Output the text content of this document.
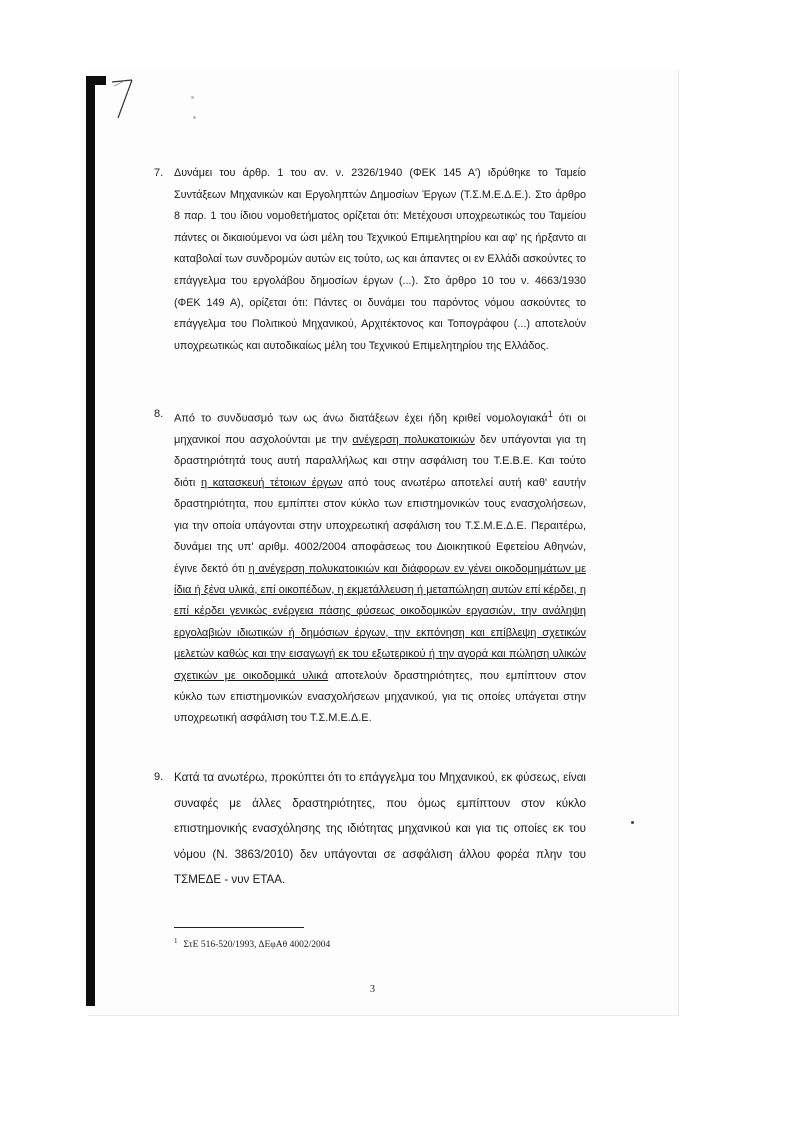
7. Δυνάμει του άρθρ. 1 του αν. ν. 2326/1940 (ΦΕΚ 145 Α') ιδρύθηκε το Ταμείο Συντάξεων Μηχανικών και Εργοληπτών Δημοσίων Έργων (Τ.Σ.Μ.Ε.Δ.Ε.). Στο άρθρο 8 παρ. 1 του ίδιου νομοθετήματος ορίζεται ότι: Μετέχουσι υποχρεωτικώς του Ταμείου πάντες οι δικαιούμενοι να ώσι μέλη του Τεχνικού Επιμελητηρίου και αφ' ης ήρξαντο αι καταβολαί των συνδρομών αυτών εις τούτο, ως και άπαντες οι εν Ελλάδι ασκούντες το επάγγελμα του εργολάβου δημοσίων έργων (...). Στο άρθρο 10 του ν. 4663/1930 (ΦΕΚ 149 Α), ορίζεται ότι: Πάντες οι δυνάμει του παρόντος νόμου ασκούντες το επάγγελμα του Πολιτικού Μηχανικού, Αρχιτέκτονος και Τοπογράφου (...) αποτελούν υποχρεωτικώς και αυτοδικαίως μέλη του Τεχνικού Επιμελητηρίου της Ελλάδος.
8. Από το συνδυασμό των ως άνω διατάξεων έχει ήδη κριθεί νομολογιακά$^1$ ότι οι μηχανικοί που ασχολούνται με την ανέγερση πολυκατοικιών δεν υπάγονται για τη δραστηριότητά τους αυτή παραλλήλως και στην ασφάλιση του Τ.Ε.Β.Ε. Και τούτο διότι η κατασκευή τέτοιων έργων από τους ανωτέρω αποτελεί αυτή καθ' εαυτήν δραστηριότητα, που εμπίπτει στον κύκλο των επιστημονικών τους ενασχολήσεων, για την οποία υπάγονται στην υποχρεωτική ασφάλιση του Τ.Σ.Μ.Ε.Δ.Ε. Περαιτέρω, δυνάμει της υπ' αριθμ. 4002/2004 αποφάσεως του Διοικητικού Εφετείου Αθηνών, έγινε δεκτό ότι η ανέγερση πολυκατοικιών και διάφορων εν γένει οικοδομημάτων με ίδια ή ξένα υλικά, επί οικοπέδων, η εκμετάλλευση ή μεταπώληση αυτών επί κέρδει, η επί κέρδει γενικώς ενέργεια πάσης φύσεως οικοδομικών εργασιών, την ανάληψη εργολαβιών ιδιωτικών ή δημόσιων έργων, την εκπόνηση και επίβλεψη σχετικών μελετών καθώς και την εισαγωγή εκ του εξωτερικού ή την αγορά και πώληση υλικών σχετικών με οικοδομικά υλικά αποτελούν δραστηριότητες, που εμπίπτουν στον κύκλο των επιστημονικών ενασχολήσεων μηχανικού, για τις οποίες υπάγεται στην υποχρεωτική ασφάλιση του Τ.Σ.Μ.Ε.Δ.Ε.
9. Κατά τα ανωτέρω, προκύπτει ότι το επάγγελμα του Μηχανικού, εκ φύσεως, είναι συναφές με άλλες δραστηριότητες, που όμως εμπίπτουν στον κύκλο επιστημονικής ενασχόλησης της ιδιότητας μηχανικού και για τις οποίες εκ του νόμου (Ν. 3863/2010) δεν υπάγονται σε ασφάλιση άλλου φορέα πλην του ΤΣΜΕΔΕ - νυν ΕΤΑΑ.
$^1$ ΣτΕ 516-520/1993, ΔΕφΑθ 4002/2004
3
